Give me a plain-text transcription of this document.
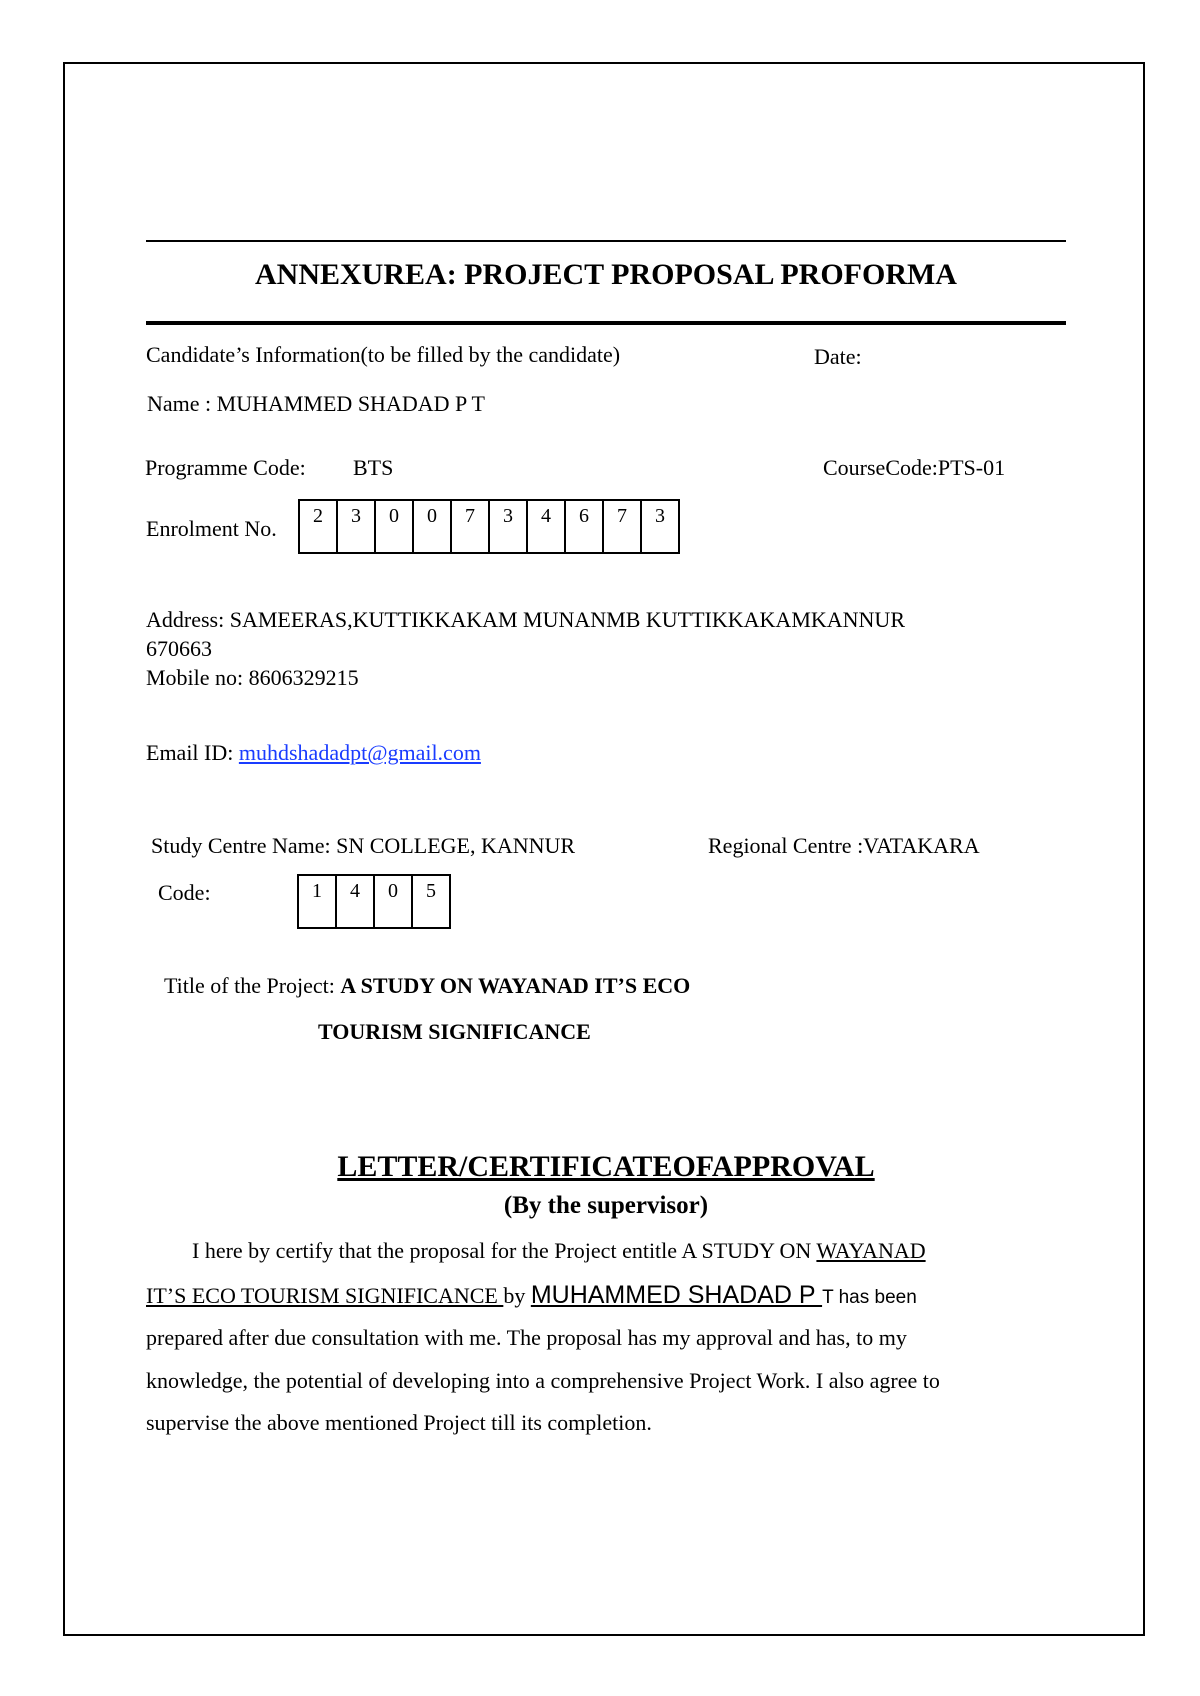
ANNEXUREA: PROJECT PROPOSAL PROFORMA
Candidate’s Information(to be filled by the candidate)	Date:
Name : MUHAMMED SHADAD P T
Programme Code: BTS	CourseCode:PTS-01
Enrolment No.	2	3	0	0	7	3	4	6	7	3
Address: SAMEERAS,KUTTIKKAKAM MUNANMB KUTTIKKAKAMKANNUR
670663
Mobile no: 8606329215
Email ID: muhdshadadpt@gmail.com
Study Centre Name: SN COLLEGE, KANNUR	Regional Centre :VATAKARA
Code:	1	4	0	5
Title of the Project: A STUDY ON WAYANAD IT’S ECO
TOURISM SIGNIFICANCE
LETTER/CERTIFICATEOFAPPROVAL
(By the supervisor)
I here by certify that the proposal for the Project entitle A STUDY ON WAYANAD
IT’S ECO TOURISM SIGNIFICANCE by MUHAMMED SHADAD P T has been
prepared after due consultation with me. The proposal has my approval and has, to my
knowledge, the potential of developing into a comprehensive Project Work. I also agree to
supervise the above mentioned Project till its completion.
